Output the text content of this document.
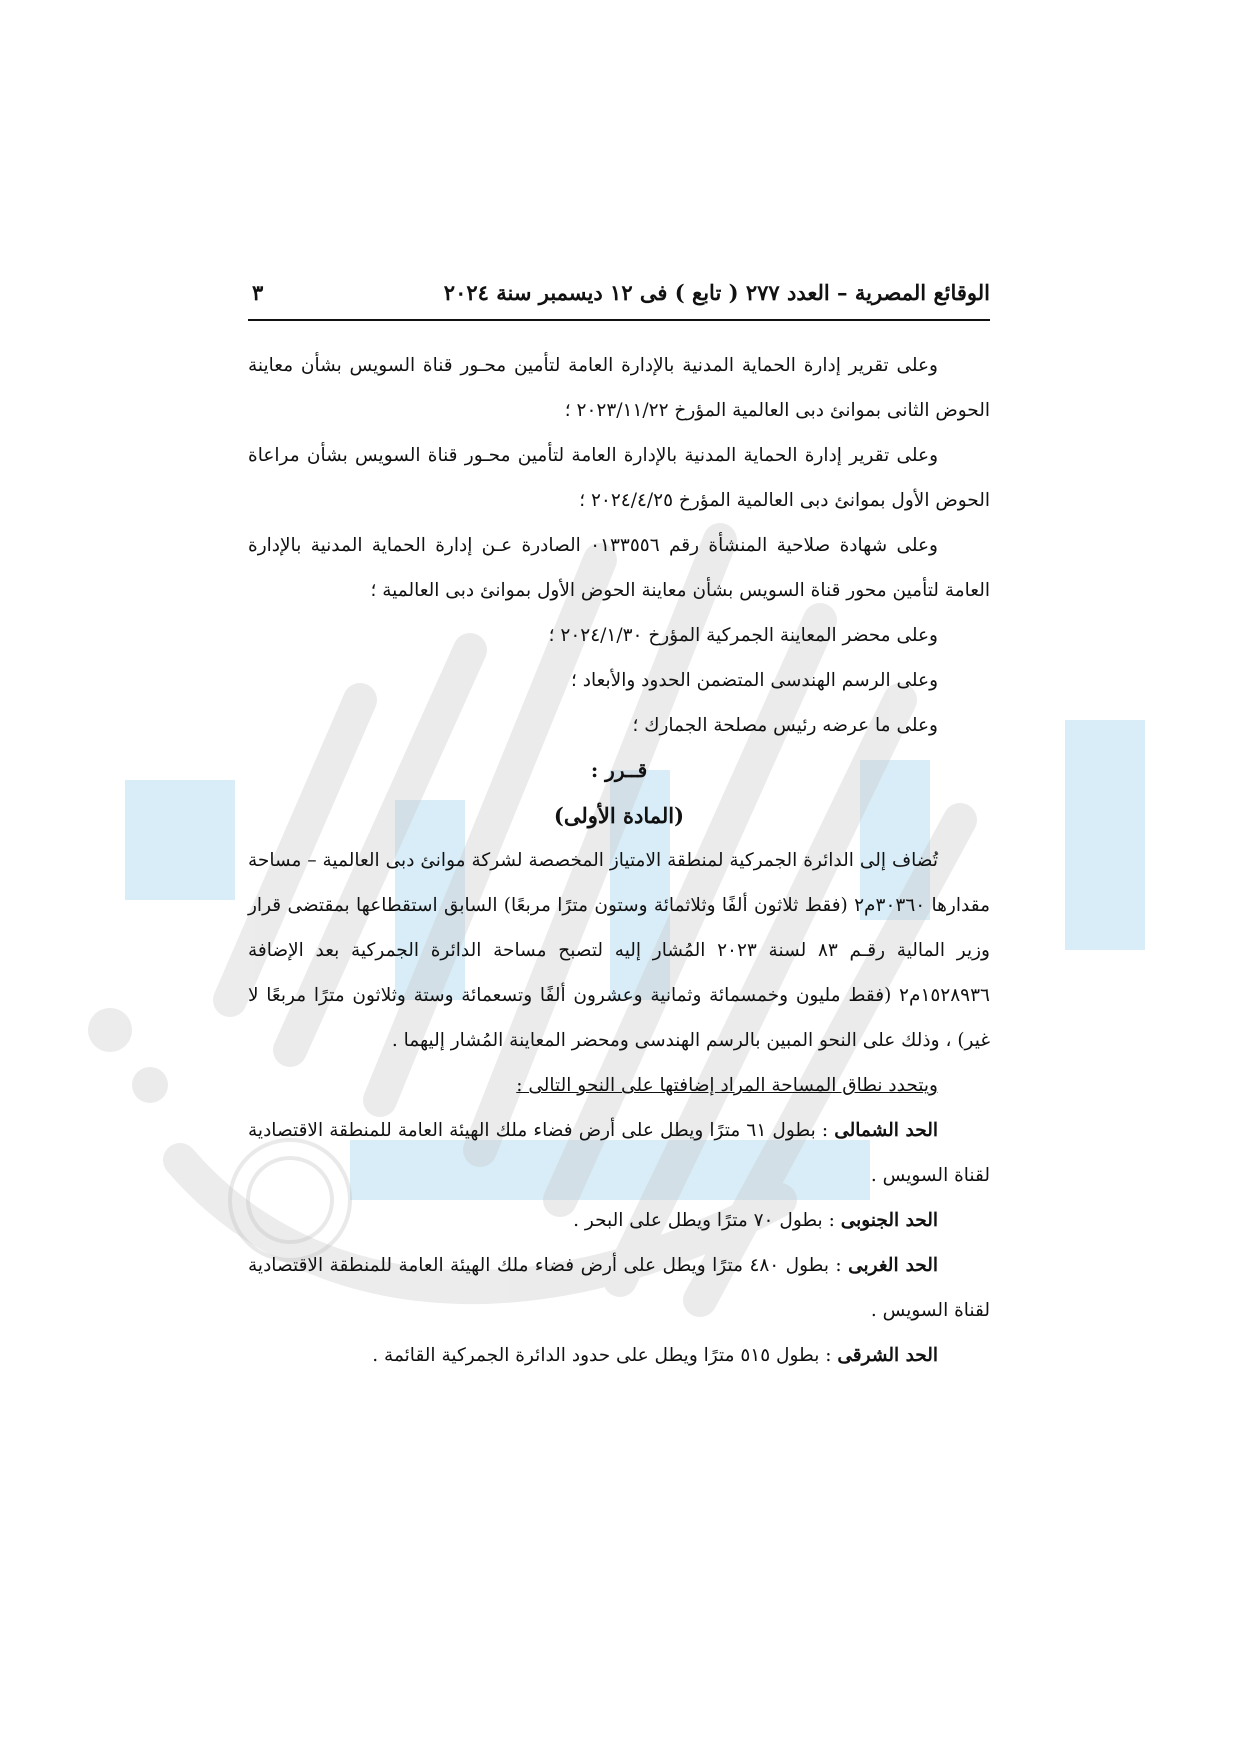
الوقائع المصرية – العدد ٢٧٧ ( تابع ) فى ١٢ ديسمبر سنة ٢٠٢٤
٣

وعلى تقرير إدارة الحماية المدنية بالإدارة العامة لتأمين محـور قناة السويس بشأن معاينة الحوض الثانى بموانئ دبى العالمية المؤرخ ٢٠٢٣/١١/٢٢ ؛

وعلى تقرير إدارة الحماية المدنية بالإدارة العامة لتأمين محـور قناة السويس بشأن مراعاة الحوض الأول بموانئ دبى العالمية المؤرخ ٢٠٢٤/٤/٢٥ ؛

وعلى شهادة صلاحية المنشأة رقم ٠١٣٣٥٥٦ الصادرة عـن إدارة الحماية المدنية بالإدارة العامة لتأمين محور قناة السويس بشأن معاينة الحوض الأول بموانئ دبى العالمية ؛

وعلى محضر المعاينة الجمركية المؤرخ ٢٠٢٤/١/٣٠ ؛

وعلى الرسم الهندسى المتضمن الحدود والأبعاد ؛

وعلى ما عرضه رئيس مصلحة الجمارك ؛

قــرر :

(المادة الأولى)

تُضاف إلى الدائرة الجمركية لمنطقة الامتياز المخصصة لشركة موانئ دبى العالمية – مساحة مقدارها ٣٠٣٦٠م٢ (فقط ثلاثون ألفًا وثلاثمائة وستون مترًا مربعًا) السابق استقطاعها بمقتضى قرار وزير المالية رقـم ٨٣ لسنة ٢٠٢٣ المُشار إليه لتصبح مساحة الدائرة الجمركية بعد الإضافة ١٥٢٨٩٣٦م٢ (فقط مليون وخمسمائة وثمانية وعشرون ألفًا وتسعمائة وستة وثلاثون مترًا مربعًا لا غير) ، وذلك على النحو المبين بالرسم الهندسى ومحضر المعاينة المُشار إليهما .

ويتحدد نطاق المساحة المراد إضافتها على النحو التالى :

الحد الشمالى : بطول ٦١ مترًا ويطل على أرض فضاء ملك الهيئة العامة للمنطقة الاقتصادية لقناة السويس .

الحد الجنوبى : بطول ٧٠ مترًا ويطل على البحر .

الحد الغربى : بطول ٤٨٠ مترًا ويطل على أرض فضاء ملك الهيئة العامة للمنطقة الاقتصادية لقناة السويس .

الحد الشرقى : بطول ٥١٥ مترًا ويطل على حدود الدائرة الجمركية القائمة .
